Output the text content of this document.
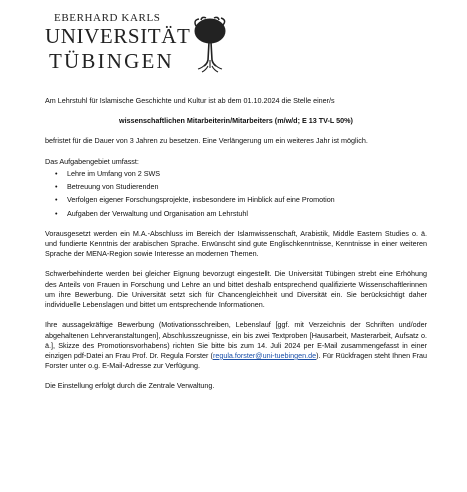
EBERHARD KARLS
UNIVERSITÄT
TÜBINGEN

Am Lehrstuhl für Islamische Geschichte und Kultur ist ab dem 01.10.2024 die Stelle einer/s

wissenschaftlichen Mitarbeiterin/Mitarbeiters (m/w/d; E 13 TV-L 50%)

befristet für die Dauer von 3 Jahren zu besetzen. Eine Verlängerung um ein weiteres Jahr ist möglich.

Das Aufgabengebiet umfasst:

• Lehre im Umfang von 2 SWS
• Betreuung von Studierenden
• Verfolgen eigener Forschungsprojekte, insbesondere im Hinblick auf eine Promotion
• Aufgaben der Verwaltung und Organisation am Lehrstuhl

Vorausgesetzt werden ein M.A.-Abschluss im Bereich der Islamwissenschaft, Arabistik, Middle Eastern Studies o. ä. und fundierte Kenntnis der arabischen Sprache. Erwünscht sind gute Englischkenntnisse, Kenntnisse in einer weiteren Sprache der MENA-Region sowie Interesse an modernen Themen.

Schwerbehinderte werden bei gleicher Eignung bevorzugt eingestellt. Die Universität Tübingen strebt eine Erhöhung des Anteils von Frauen in Forschung und Lehre an und bittet deshalb entsprechend qualifizierte Wissenschaftlerinnen um ihre Bewerbung. Die Universität setzt sich für Chancengleichheit und Diversität ein. Sie berücksichtigt daher individuelle Lebenslagen und bittet um entsprechende Informationen.

Ihre aussagekräftige Bewerbung (Motivationsschreiben, Lebenslauf [ggf. mit Verzeichnis der Schriften und/oder abgehaltenen Lehrveranstaltungen], Abschlusszeugnisse, ein bis zwei Textproben [Hausarbeit, Masterarbeit, Aufsatz o. ä.], Skizze des Promotionsvorhabens) richten Sie bitte bis zum 14. Juli 2024 per E-Mail zusammengefasst in einer einzigen pdf-Datei an Frau Prof. Dr. Regula Forster (regula.forster@uni-tuebingen.de). Für Rückfragen steht Ihnen Frau Forster unter o.g. E-Mail-Adresse zur Verfügung.

Die Einstellung erfolgt durch die Zentrale Verwaltung.
